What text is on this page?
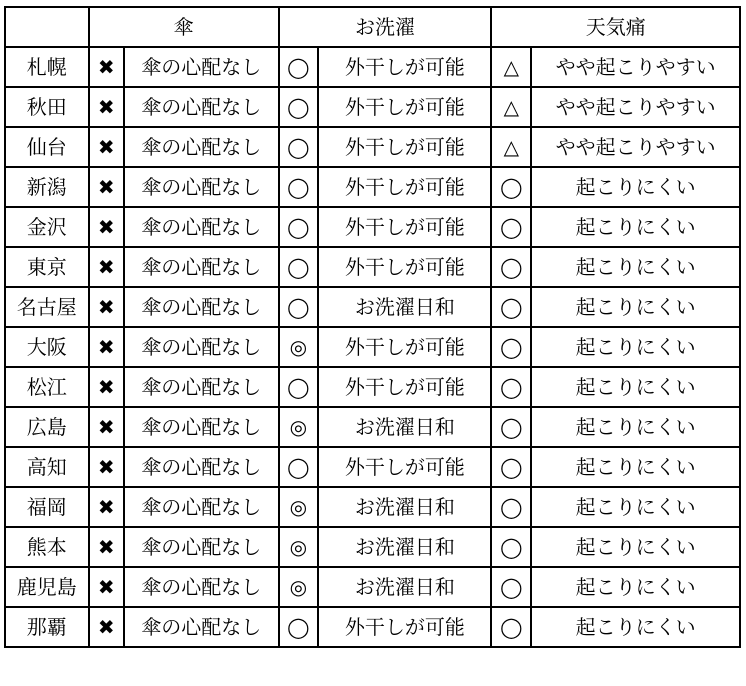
	傘		お洗濯		天気痛	
札幌	✖	傘の心配なし	◯	外干しが可能	△	やや起こりやすい
秋田	✖	傘の心配なし	◯	外干しが可能	△	やや起こりやすい
仙台	✖	傘の心配なし	◯	外干しが可能	△	やや起こりやすい
新潟	✖	傘の心配なし	◯	外干しが可能	◯	起こりにくい
金沢	✖	傘の心配なし	◯	外干しが可能	◯	起こりにくい
東京	✖	傘の心配なし	◯	外干しが可能	◯	起こりにくい
名古屋	✖	傘の心配なし	◯	お洗濯日和	◯	起こりにくい
大阪	✖	傘の心配なし	◎	外干しが可能	◯	起こりにくい
松江	✖	傘の心配なし	◯	外干しが可能	◯	起こりにくい
広島	✖	傘の心配なし	◎	お洗濯日和	◯	起こりにくい
高知	✖	傘の心配なし	◯	外干しが可能	◯	起こりにくい
福岡	✖	傘の心配なし	◎	お洗濯日和	◯	起こりにくい
熊本	✖	傘の心配なし	◎	お洗濯日和	◯	起こりにくい
鹿児島	✖	傘の心配なし	◎	お洗濯日和	◯	起こりにくい
那覇	✖	傘の心配なし	◯	外干しが可能	◯	起こりにくい
